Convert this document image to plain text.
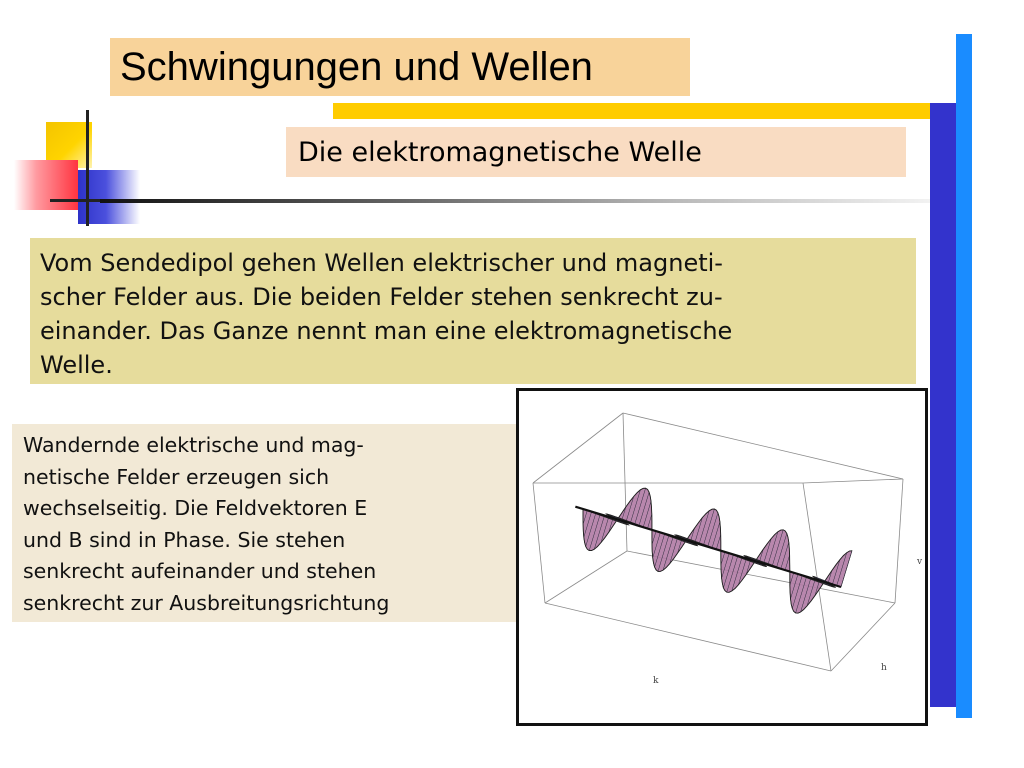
Schwingungen und Wellen
Die elektromagnetische Welle
Vom Sendedipol gehen Wellen elektrischer und magneti-
scher Felder aus. Die beiden Felder stehen senkrecht zu-
einander. Das Ganze nennt man eine elektromagnetische
Welle.
Wandernde elektrische und mag-
netische Felder erzeugen sich
wechselseitig. Die Feldvektoren E
und B sind in Phase. Sie stehen
senkrecht aufeinander und stehen
senkrecht zur Ausbreitungsrichtung
k
h
v
